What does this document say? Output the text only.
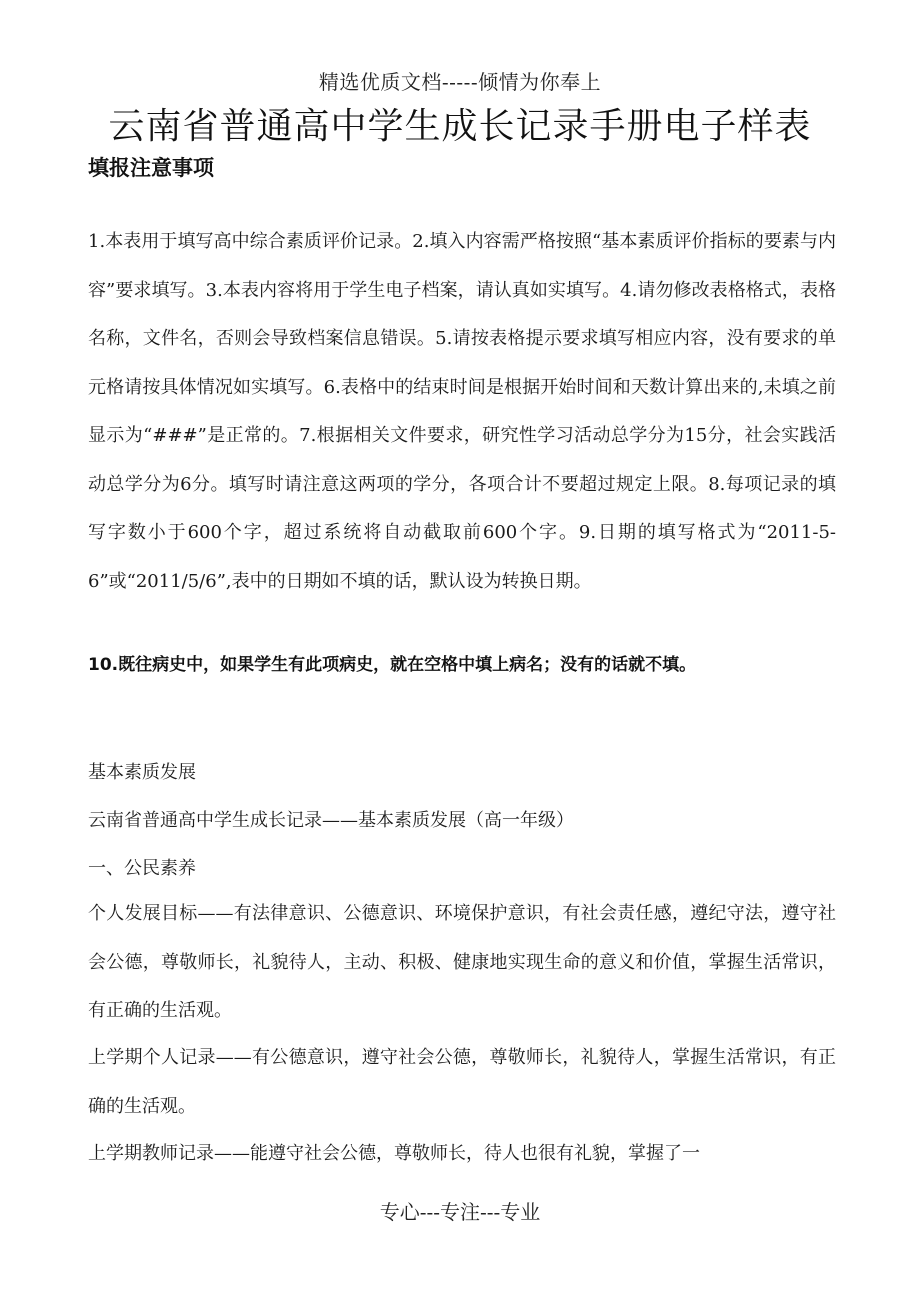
精选优质文档-----倾情为你奉上
云南省普通高中学生成长记录手册电子样表
填报注意事项
1.本表用于填写高中综合素质评价记录。2.填入内容需严格按照“基本素质评价指标的要素与内容”要求填写。3.本表内容将用于学生电子档案，请认真如实填写。4.请勿修改表格格式，表格名称，文件名，否则会导致档案信息错误。5.请按表格提示要求填写相应内容，没有要求的单元格请按具体情况如实填写。6.表格中的结束时间是根据开始时间和天数计算出来的,未填之前显示为“###”是正常的。7.根据相关文件要求，研究性学习活动总学分为15分，社会实践活动总学分为6分。填写时请注意这两项的学分，各项合计不要超过规定上限。8.每项记录的填写字数小于600个字，超过系统将自动截取前600个字。9.日期的填写格式为“2011-5-6”或“2011/5/6”,表中的日期如不填的话，默认设为转换日期。
10.既往病史中，如果学生有此项病史，就在空格中填上病名；没有的话就不填。
基本素质发展
云南省普通高中学生成长记录——基本素质发展（高一年级）
一、公民素养
个人发展目标——有法律意识、公德意识、环境保护意识，有社会责任感，遵纪守法，遵守社会公德，尊敬师长，礼貌待人，主动、积极、健康地实现生命的意义和价值，掌握生活常识，有正确的生活观。
上学期个人记录——有公德意识，遵守社会公德，尊敬师长，礼貌待人，掌握生活常识，有正确的生活观。
上学期教师记录——能遵守社会公德，尊敬师长，待人也很有礼貌，掌握了一
专心---专注---专业
